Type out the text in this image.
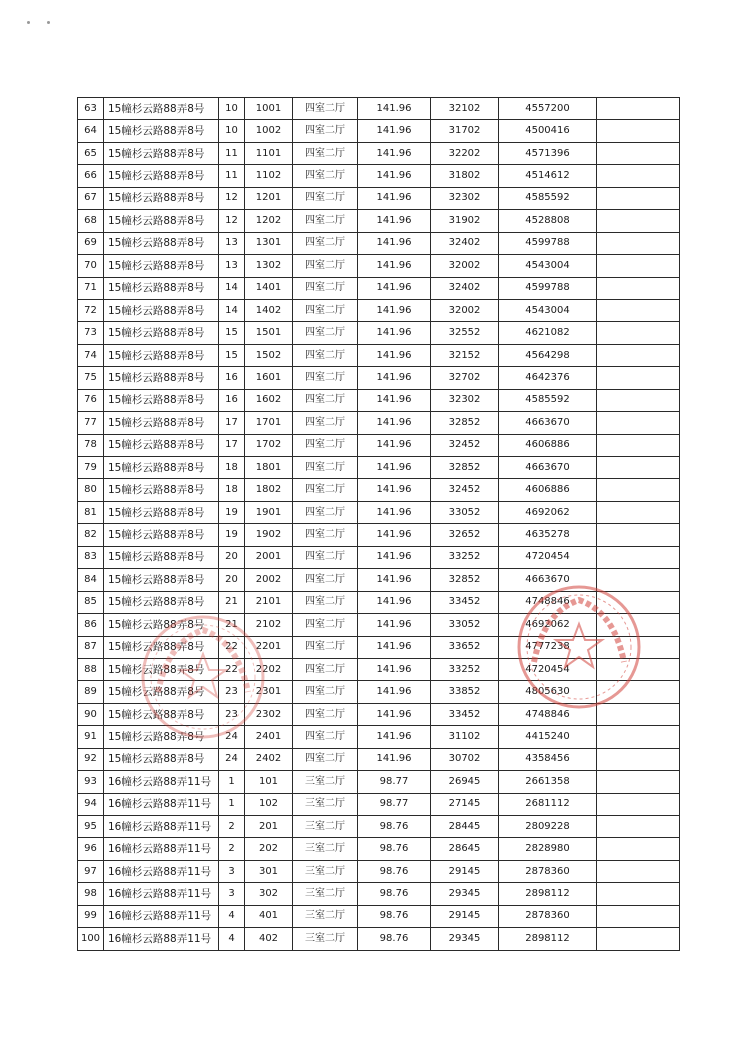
63	15幢杉云路88弄8号	10	1001	四室二厅	141.96	32102	4557200	
64	15幢杉云路88弄8号	10	1002	四室二厅	141.96	31702	4500416	
65	15幢杉云路88弄8号	11	1101	四室二厅	141.96	32202	4571396	
66	15幢杉云路88弄8号	11	1102	四室二厅	141.96	31802	4514612	
67	15幢杉云路88弄8号	12	1201	四室二厅	141.96	32302	4585592	
68	15幢杉云路88弄8号	12	1202	四室二厅	141.96	31902	4528808	
69	15幢杉云路88弄8号	13	1301	四室二厅	141.96	32402	4599788	
70	15幢杉云路88弄8号	13	1302	四室二厅	141.96	32002	4543004	
71	15幢杉云路88弄8号	14	1401	四室二厅	141.96	32402	4599788	
72	15幢杉云路88弄8号	14	1402	四室二厅	141.96	32002	4543004	
73	15幢杉云路88弄8号	15	1501	四室二厅	141.96	32552	4621082	
74	15幢杉云路88弄8号	15	1502	四室二厅	141.96	32152	4564298	
75	15幢杉云路88弄8号	16	1601	四室二厅	141.96	32702	4642376	
76	15幢杉云路88弄8号	16	1602	四室二厅	141.96	32302	4585592	
77	15幢杉云路88弄8号	17	1701	四室二厅	141.96	32852	4663670	
78	15幢杉云路88弄8号	17	1702	四室二厅	141.96	32452	4606886	
79	15幢杉云路88弄8号	18	1801	四室二厅	141.96	32852	4663670	
80	15幢杉云路88弄8号	18	1802	四室二厅	141.96	32452	4606886	
81	15幢杉云路88弄8号	19	1901	四室二厅	141.96	33052	4692062	
82	15幢杉云路88弄8号	19	1902	四室二厅	141.96	32652	4635278	
83	15幢杉云路88弄8号	20	2001	四室二厅	141.96	33252	4720454	
84	15幢杉云路88弄8号	20	2002	四室二厅	141.96	32852	4663670	
85	15幢杉云路88弄8号	21	2101	四室二厅	141.96	33452	4748846	
86	15幢杉云路88弄8号	21	2102	四室二厅	141.96	33052	4692062	
87	15幢杉云路88弄8号	22	2201	四室二厅	141.96	33652	4777238	
88	15幢杉云路88弄8号	22	2202	四室二厅	141.96	33252	4720454	
89	15幢杉云路88弄8号	23	2301	四室二厅	141.96	33852	4805630	
90	15幢杉云路88弄8号	23	2302	四室二厅	141.96	33452	4748846	
91	15幢杉云路88弄8号	24	2401	四室二厅	141.96	31102	4415240	
92	15幢杉云路88弄8号	24	2402	四室二厅	141.96	30702	4358456	
93	16幢杉云路88弄11号	1	101	三室二厅	98.77	26945	2661358	
94	16幢杉云路88弄11号	1	102	三室二厅	98.77	27145	2681112	
95	16幢杉云路88弄11号	2	201	三室二厅	98.76	28445	2809228	
96	16幢杉云路88弄11号	2	202	三室二厅	98.76	28645	2828980	
97	16幢杉云路88弄11号	3	301	三室二厅	98.76	29145	2878360	
98	16幢杉云路88弄11号	3	302	三室二厅	98.76	29345	2898112	
99	16幢杉云路88弄11号	4	401	三室二厅	98.76	29145	2878360	
100	16幢杉云路88弄11号	4	402	三室二厅	98.76	29345	2898112	
